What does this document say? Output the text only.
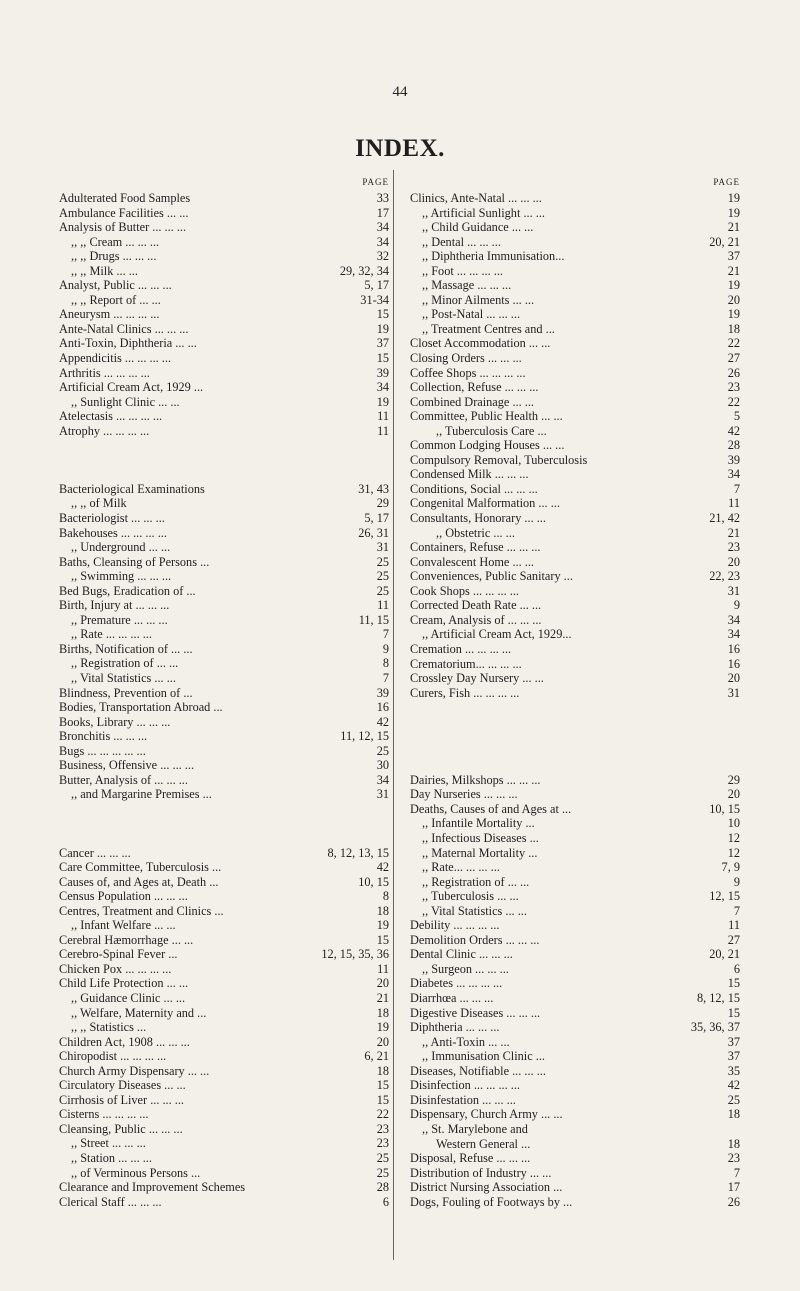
44
INDEX.
PAGE
Adulterated Food Samples	33
Ambulance Facilities ... ...	17
Analysis of Butter ... ... ...	34
,, ,, Cream ... ... ...	34
,, ,, Drugs ... ... ...	32
,, ,, Milk ... ...	29, 32, 34
Analyst, Public ... ... ...	5, 17
,, ,, Report of ... ...	31-34
Aneurysm ... ... ... ...	15
Ante-Natal Clinics ... ... ...	19
Anti-Toxin, Diphtheria ... ...	37
Appendicitis ... ... ... ...	15
Arthritis ... ... ... ...	39
Artificial Cream Act, 1929 ...	34
,, Sunlight Clinic ... ...	19
Atelectasis ... ... ... ...	11
Atrophy ... ... ... ...	11
Bacteriological Examinations	31, 43
,, ,, of Milk	29
Bacteriologist ... ... ...	5, 17
Bakehouses ... ... ... ...	26, 31
,, Underground ... ...	31
Baths, Cleansing of Persons ...	25
,, Swimming ... ... ...	25
Bed Bugs, Eradication of ...	25
Birth, Injury at ... ... ...	11
,, Premature ... ... ...	11, 15
,, Rate ... ... ... ...	7
Births, Notification of ... ...	9
,, Registration of ... ...	8
,, Vital Statistics ... ...	7
Blindness, Prevention of ...	39
Bodies, Transportation Abroad ...	16
Books, Library ... ... ...	42
Bronchitis ... ... ...	11, 12, 15
Bugs ... ... ... ... ...	25
Business, Offensive ... ... ...	30
Butter, Analysis of ... ... ...	34
,, and Margarine Premises ...	31
Cancer ... ... ...	8, 12, 13, 15
Care Committee, Tuberculosis ...	42
Causes of, and Ages at, Death ...	10, 15
Census Population ... ... ...	8
Centres, Treatment and Clinics ...	18
,, Infant Welfare ... ...	19
Cerebral Hæmorrhage ... ...	15
Cerebro-Spinal Fever ...	12, 15, 35, 36
Chicken Pox ... ... ... ...	11
Child Life Protection ... ...	20
,, Guidance Clinic ... ...	21
,, Welfare, Maternity and ...	18
,, ,, Statistics ...	19
Children Act, 1908 ... ... ...	20
Chiropodist ... ... ... ...	6, 21
Church Army Dispensary ... ...	18
Circulatory Diseases ... ...	15
Cirrhosis of Liver ... ... ...	15
Cisterns ... ... ... ...	22
Cleansing, Public ... ... ...	23
,, Street ... ... ...	23
,, Station ... ... ...	25
,, of Verminous Persons ...	25
Clearance and Improvement Schemes	28
Clerical Staff ... ... ...	6
PAGE
Clinics, Ante-Natal ... ... ...	19
,, Artificial Sunlight ... ...	19
,, Child Guidance ... ...	21
,, Dental ... ... ...	20, 21
,, Diphtheria Immunisation...	37
,, Foot ... ... ... ...	21
,, Massage ... ... ...	19
,, Minor Ailments ... ...	20
,, Post-Natal ... ... ...	19
,, Treatment Centres and ...	18
Closet Accommodation ... ...	22
Closing Orders ... ... ...	27
Coffee Shops ... ... ... ...	26
Collection, Refuse ... ... ...	23
Combined Drainage ... ...	22
Committee, Public Health ... ...	5
,, Tuberculosis Care ...	42
Common Lodging Houses ... ...	28
Compulsory Removal, Tuberculosis	39
Condensed Milk ... ... ...	34
Conditions, Social ... ... ...	7
Congenital Malformation ... ...	11
Consultants, Honorary ... ...	21, 42
,, Obstetric ... ...	21
Containers, Refuse ... ... ...	23
Convalescent Home ... ...	20
Conveniences, Public Sanitary ...	22, 23
Cook Shops ... ... ... ...	31
Corrected Death Rate ... ...	9
Cream, Analysis of ... ... ...	34
,, Artificial Cream Act, 1929...	34
Cremation ... ... ... ...	16
Crematorium... ... ... ...	16
Crossley Day Nursery ... ...	20
Curers, Fish ... ... ... ...	31
Dairies, Milkshops ... ... ...	29
Day Nurseries ... ... ...	20
Deaths, Causes of and Ages at ...	10, 15
,, Infantile Mortality ...	10
,, Infectious Diseases ...	12
,, Maternal Mortality ...	12
,, Rate... ... ... ...	7, 9
,, Registration of ... ...	9
,, Tuberculosis ... ...	12, 15
,, Vital Statistics ... ...	7
Debility ... ... ... ...	11
Demolition Orders ... ... ...	27
Dental Clinic ... ... ...	20, 21
,, Surgeon ... ... ...	6
Diabetes ... ... ... ...	15
Diarrhœa ... ... ...	8, 12, 15
Digestive Diseases ... ... ...	15
Diphtheria ... ... ...	35, 36, 37
,, Anti-Toxin ... ...	37
,, Immunisation Clinic ...	37
Diseases, Notifiable ... ... ...	35
Disinfection ... ... ... ...	42
Disinfestation ... ... ...	25
Dispensary, Church Army ... ...	18
,, St. Marylebone and
Western General ...	18
Disposal, Refuse ... ... ...	23
Distribution of Industry ... ...	7
District Nursing Association ...	17
Dogs, Fouling of Footways by ...	26
